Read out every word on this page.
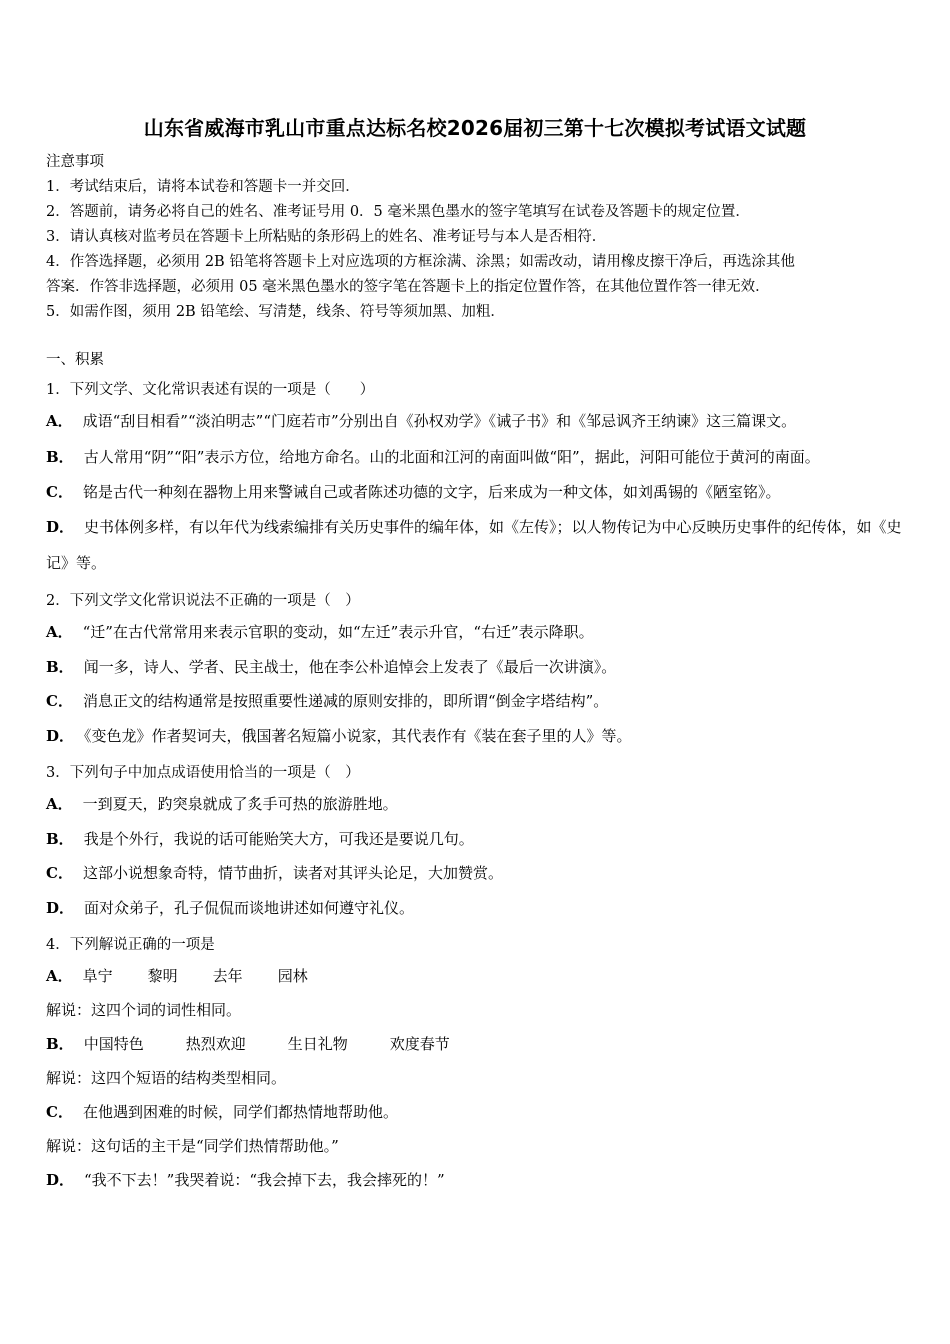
山东省威海市乳山市重点达标名校2026届初三第十七次模拟考试语文试题
注意事项
1．考试结束后，请将本试卷和答题卡一并交回．
2．答题前，请务必将自己的姓名、准考证号用 0．5 毫米黑色墨水的签字笔填写在试卷及答题卡的规定位置．
3．请认真核对监考员在答题卡上所粘贴的条形码上的姓名、准考证号与本人是否相符．
4．作答选择题，必须用 2B 铅笔将答题卡上对应选项的方框涂满、涂黑；如需改动，请用橡皮擦干净后，再选涂其他
答案．作答非选择题，必须用 05 毫米黑色墨水的签字笔在答题卡上的指定位置作答，在其他位置作答一律无效．
5．如需作图，须用 2B 铅笔绘、写清楚，线条、符号等须加黑、加粗．
一、积累
1．下列文学、文化常识表述有误的一项是（　　）
A． 成语“刮目相看”“淡泊明志”“门庭若市”分别出自《孙权劝学》《诫子书》和《邹忌讽齐王纳谏》这三篇课文。
B． 古人常用“阴”“阳”表示方位，给地方命名。山的北面和江河的南面叫做“阳”，据此，河阳可能位于黄河的南面。
C． 铭是古代一种刻在器物上用来警诫自己或者陈述功德的文字，后来成为一种文体，如刘禹锡的《陋室铭》。
D． 史书体例多样，有以年代为线索编排有关历史事件的编年体，如《左传》；以人物传记为中心反映历史事件的纪传体，如《史记》等。
2．下列文学文化常识说法不正确的一项是（　）
A． “迁”在古代常常用来表示官职的变动，如“左迁”表示升官，“右迁”表示降职。
B． 闻一多，诗人、学者、民主战士，他在李公朴追悼会上发表了《最后一次讲演》。
C． 消息正文的结构通常是按照重要性递减的原则安排的，即所谓“倒金字塔结构”。
D． 《变色龙》作者契诃夫，俄国著名短篇小说家，其代表作有《装在套子里的人》等。
3．下列句子中加点成语使用恰当的一项是（　）
A． 一到夏天，趵突泉就成了炙手可热的旅游胜地。
B． 我是个外行，我说的话可能贻笑大方，可我还是要说几句。
C． 这部小说想象奇特，情节曲折，读者对其评头论足，大加赞赏。
D． 面对众弟子，孔子侃侃而谈地讲述如何遵守礼仪。
4．下列解说正确的一项是
A． 阜宁 黎明 去年 园林
解说：这四个词的词性相同。
B． 中国特色	热烈欢迎	生日礼物	欢度春节
解说：这四个短语的结构类型相同。
C． 在他遇到困难的时候，同学们都热情地帮助他。
解说：这句话的主干是“同学们热情帮助他。”
D． “我不下去！”我哭着说：“我会掉下去，我会摔死的！”
